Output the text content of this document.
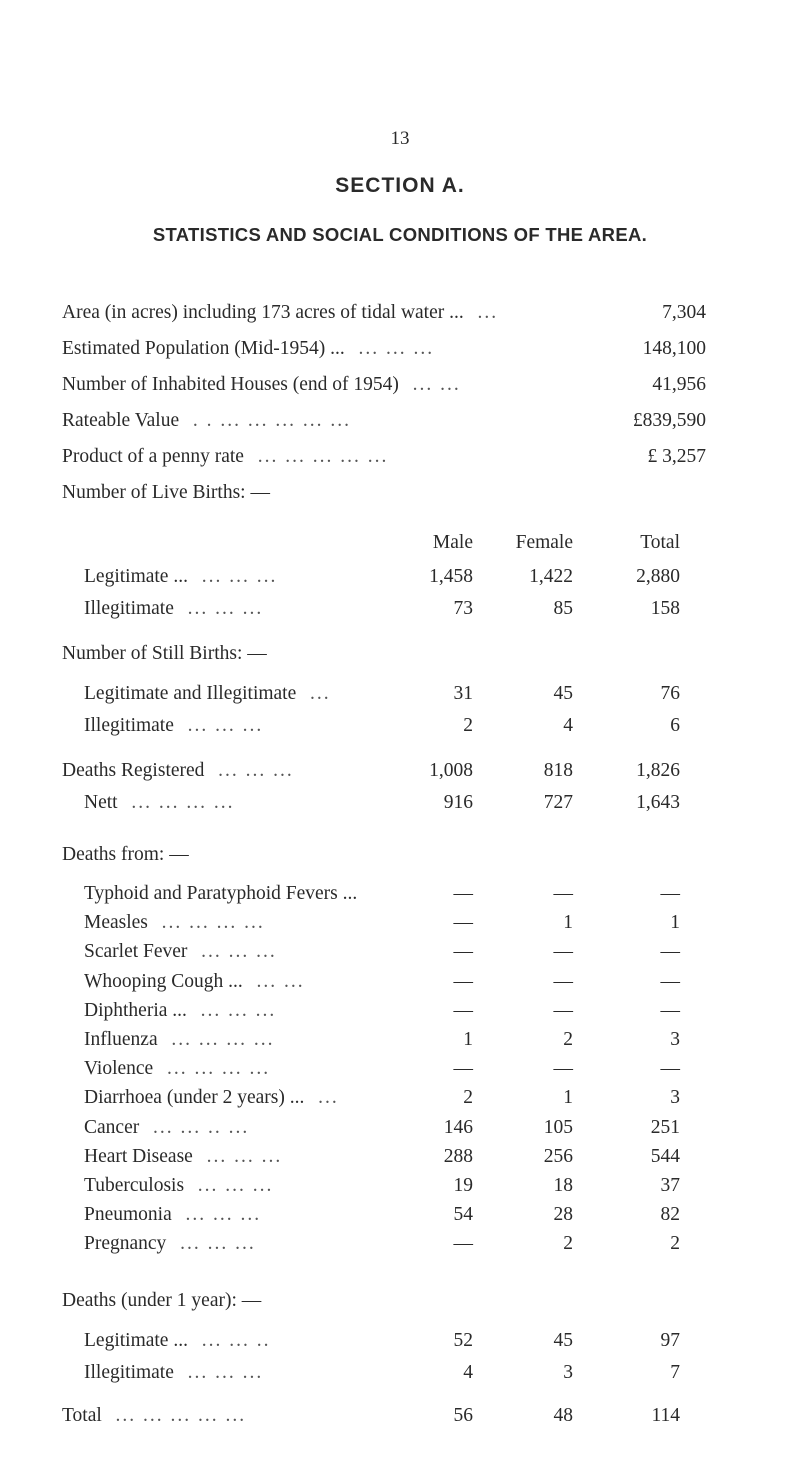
13
SECTION A.
STATISTICS AND SOCIAL CONDITIONS OF THE AREA.
Area (in acres) including 173 acres of tidal water ...  ...	7,304
Estimated Population (Mid-1954) ...  ... ... ...	148,100
Number of Inhabited Houses (end of 1954)  ... ...	41,956
Rateable Value  . . ... ... ... ... ...	£839,590
Product of a penny rate  ... ... ... ... ...	£ 3,257
Number of Live Births: —
Male	Female	Total
Legitimate ...  ... ... ...	1,458	1,422	2,880
Illegitimate  ... ... ...	73	85	158
Number of Still Births: —
Legitimate and Illegitimate  ...	31	45	76
Illegitimate  ... ... ...	2	4	6
Deaths Registered  ... ... ...	1,008	818	1,826
Nett  ... ... ... ...	916	727	1,643
Deaths from: —
Typhoid and Paratyphoid Fevers ...	—	—	—
Measles  ... ... ... ...	—	1	1
Scarlet Fever  ... ... ...	—	—	—
Whooping Cough ...  ... ...	—	—	—
Diphtheria ...  ... ... ...	—	—	—
Influenza  ... ... ... ...	1	2	3
Violence  ... ... ... ...	—	—	—
Diarrhoea (under 2 years) ...  ...	2	1	3
Cancer  ... ... .. ...	146	105	251
Heart Disease  ... ... ...	288	256	544
Tuberculosis  ... ... ...	19	18	37
Pneumonia  ... ... ...	54	28	82
Pregnancy  ... ... ...	—	2	2
Deaths (under 1 year): —
Legitimate ...  ... ... ..	52	45	97
Illegitimate  ... ... ...	4	3	7
Total  ... ... ... ... ...	56	48	114
